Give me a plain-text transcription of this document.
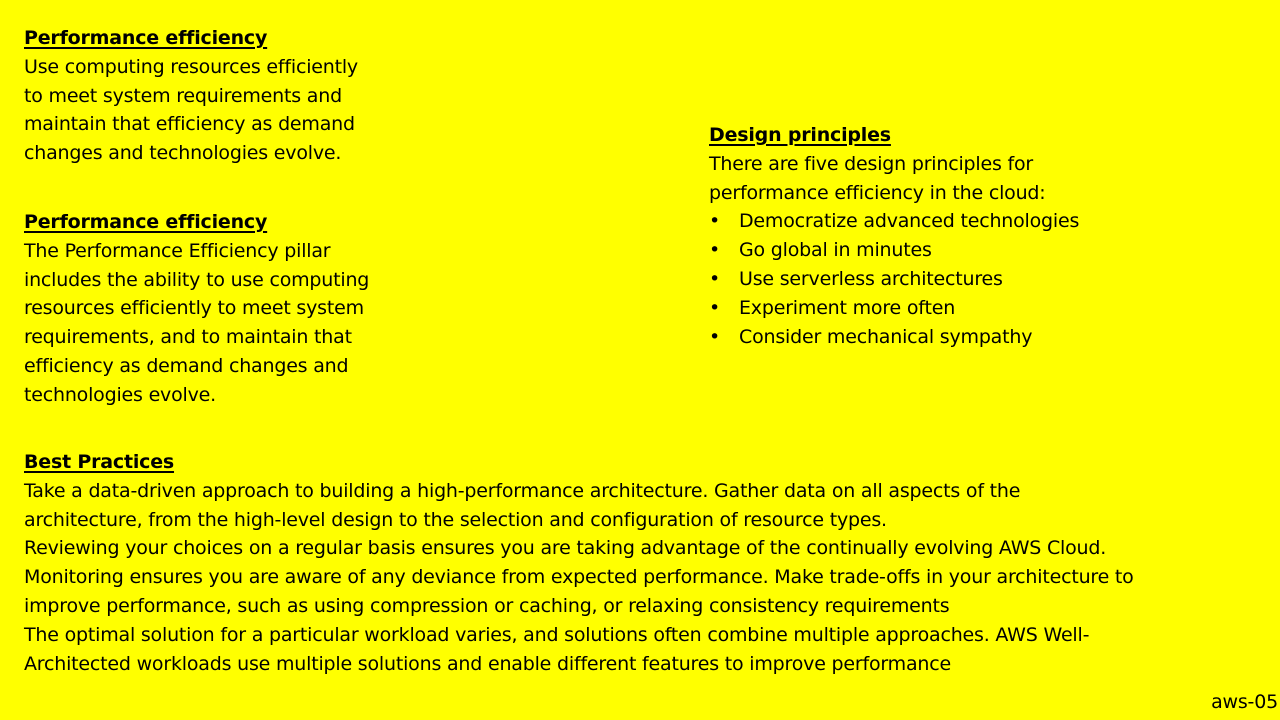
Performance efficiency
Use computing resources efficiently
to meet system requirements and
maintain that efficiency as demand
changes and technologies evolve.
Performance efficiency
The Performance Efficiency pillar
includes the ability to use computing
resources efficiently to meet system
requirements, and to maintain that
efficiency as demand changes and
technologies evolve.
Design principles
There are five design principles for
performance efficiency in the cloud:
• Democratize advanced technologies
• Go global in minutes
• Use serverless architectures
• Experiment more often
• Consider mechanical sympathy
Best Practices
Take a data-driven approach to building a high-performance architecture. Gather data on all aspects of the
architecture, from the high-level design to the selection and configuration of resource types.
Reviewing your choices on a regular basis ensures you are taking advantage of the continually evolving AWS Cloud.
Monitoring ensures you are aware of any deviance from expected performance. Make trade-offs in your architecture to
improve performance, such as using compression or caching, or relaxing consistency requirements
The optimal solution for a particular workload varies, and solutions often combine multiple approaches. AWS Well-
Architected workloads use multiple solutions and enable different features to improve performance
aws-05
